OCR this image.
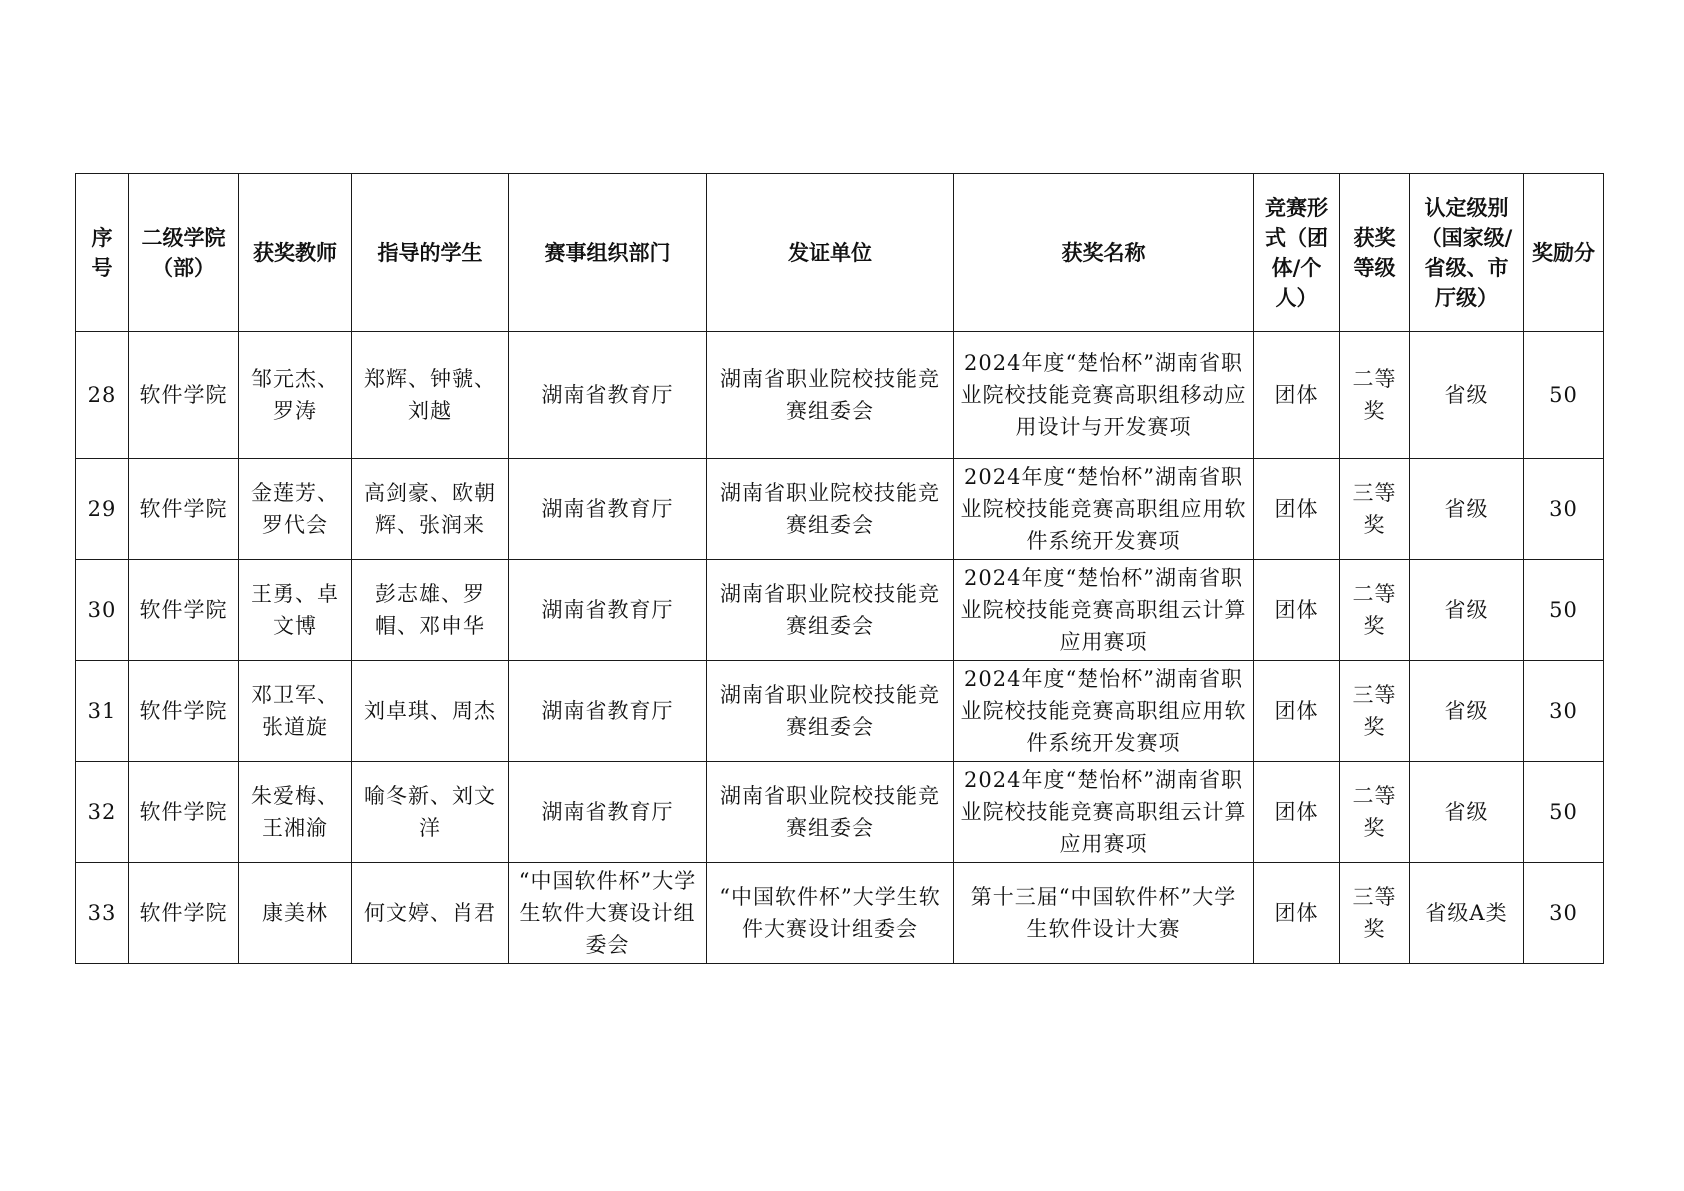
序号	二级学院（部）	获奖教师	指导的学生	赛事组织部门	发证单位	获奖名称	竞赛形式（团体/个人）	获奖等级	认定级别（国家级/省级、市厅级）	奖励分
28	软件学院	邹元杰、罗涛	郑辉、钟虢、刘越	湖南省教育厅	湖南省职业院校技能竞赛组委会	2024年度“楚怡杯”湖南省职业院校技能竞赛高职组移动应用设计与开发赛项	团体	二等奖	省级	50
29	软件学院	金莲芳、罗代会	高剑豪、欧朝辉、张润来	湖南省教育厅	湖南省职业院校技能竞赛组委会	2024年度“楚怡杯”湖南省职业院校技能竞赛高职组应用软件系统开发赛项	团体	三等奖	省级	30
30	软件学院	王勇、卓文博	彭志雄、罗帽、邓申华	湖南省教育厅	湖南省职业院校技能竞赛组委会	2024年度“楚怡杯”湖南省职业院校技能竞赛高职组云计算应用赛项	团体	二等奖	省级	50
31	软件学院	邓卫军、张道旋	刘卓琪、周杰	湖南省教育厅	湖南省职业院校技能竞赛组委会	2024年度“楚怡杯”湖南省职业院校技能竞赛高职组应用软件系统开发赛项	团体	三等奖	省级	30
32	软件学院	朱爱梅、王湘渝	喻冬新、刘文洋	湖南省教育厅	湖南省职业院校技能竞赛组委会	2024年度“楚怡杯”湖南省职业院校技能竞赛高职组云计算应用赛项	团体	二等奖	省级	50
33	软件学院	康美林	何文婷、肖君	“中国软件杯”大学生软件大赛设计组委会	“中国软件杯”大学生软件大赛设计组委会	第十三届“中国软件杯”大学生软件设计大赛	团体	三等奖	省级A类	30
